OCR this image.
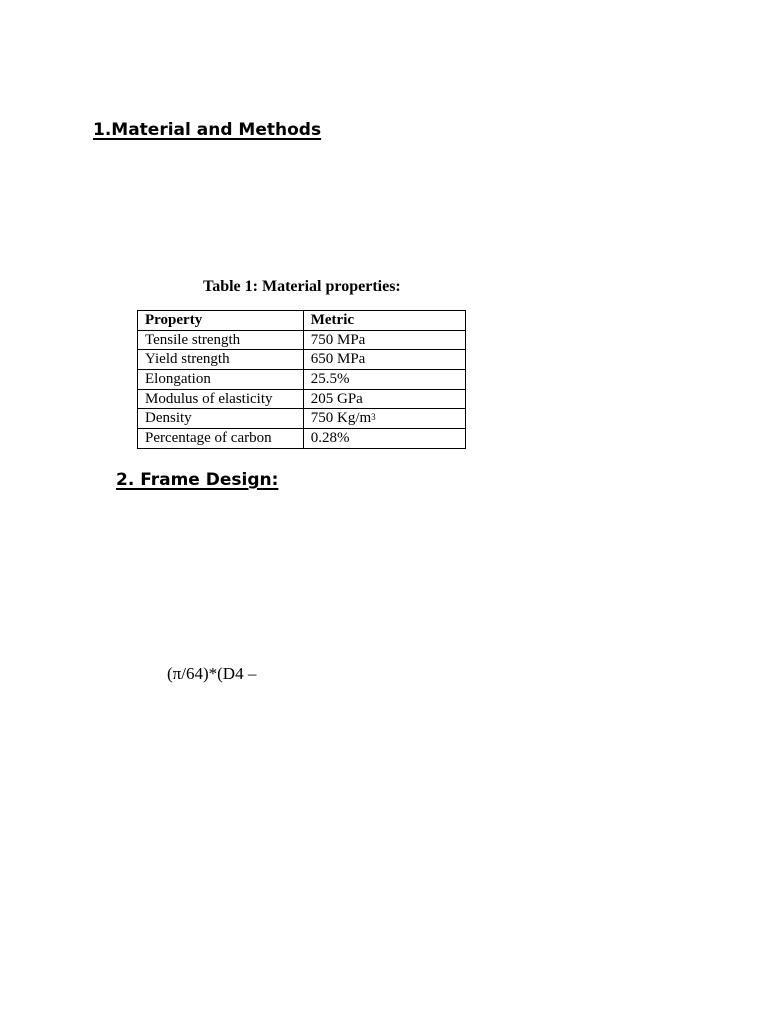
1.Material and Methods
Table 1: Material properties:
Property	Metric
Tensile strength	750 MPa
Yield strength	650 MPa
Elongation	25.5%
Modulus of elasticity	205 GPa
Density	750 $Kg/m^3$
Percentage of carbon	0.28%
2. Frame Design:
(π/64)*(D4 –
